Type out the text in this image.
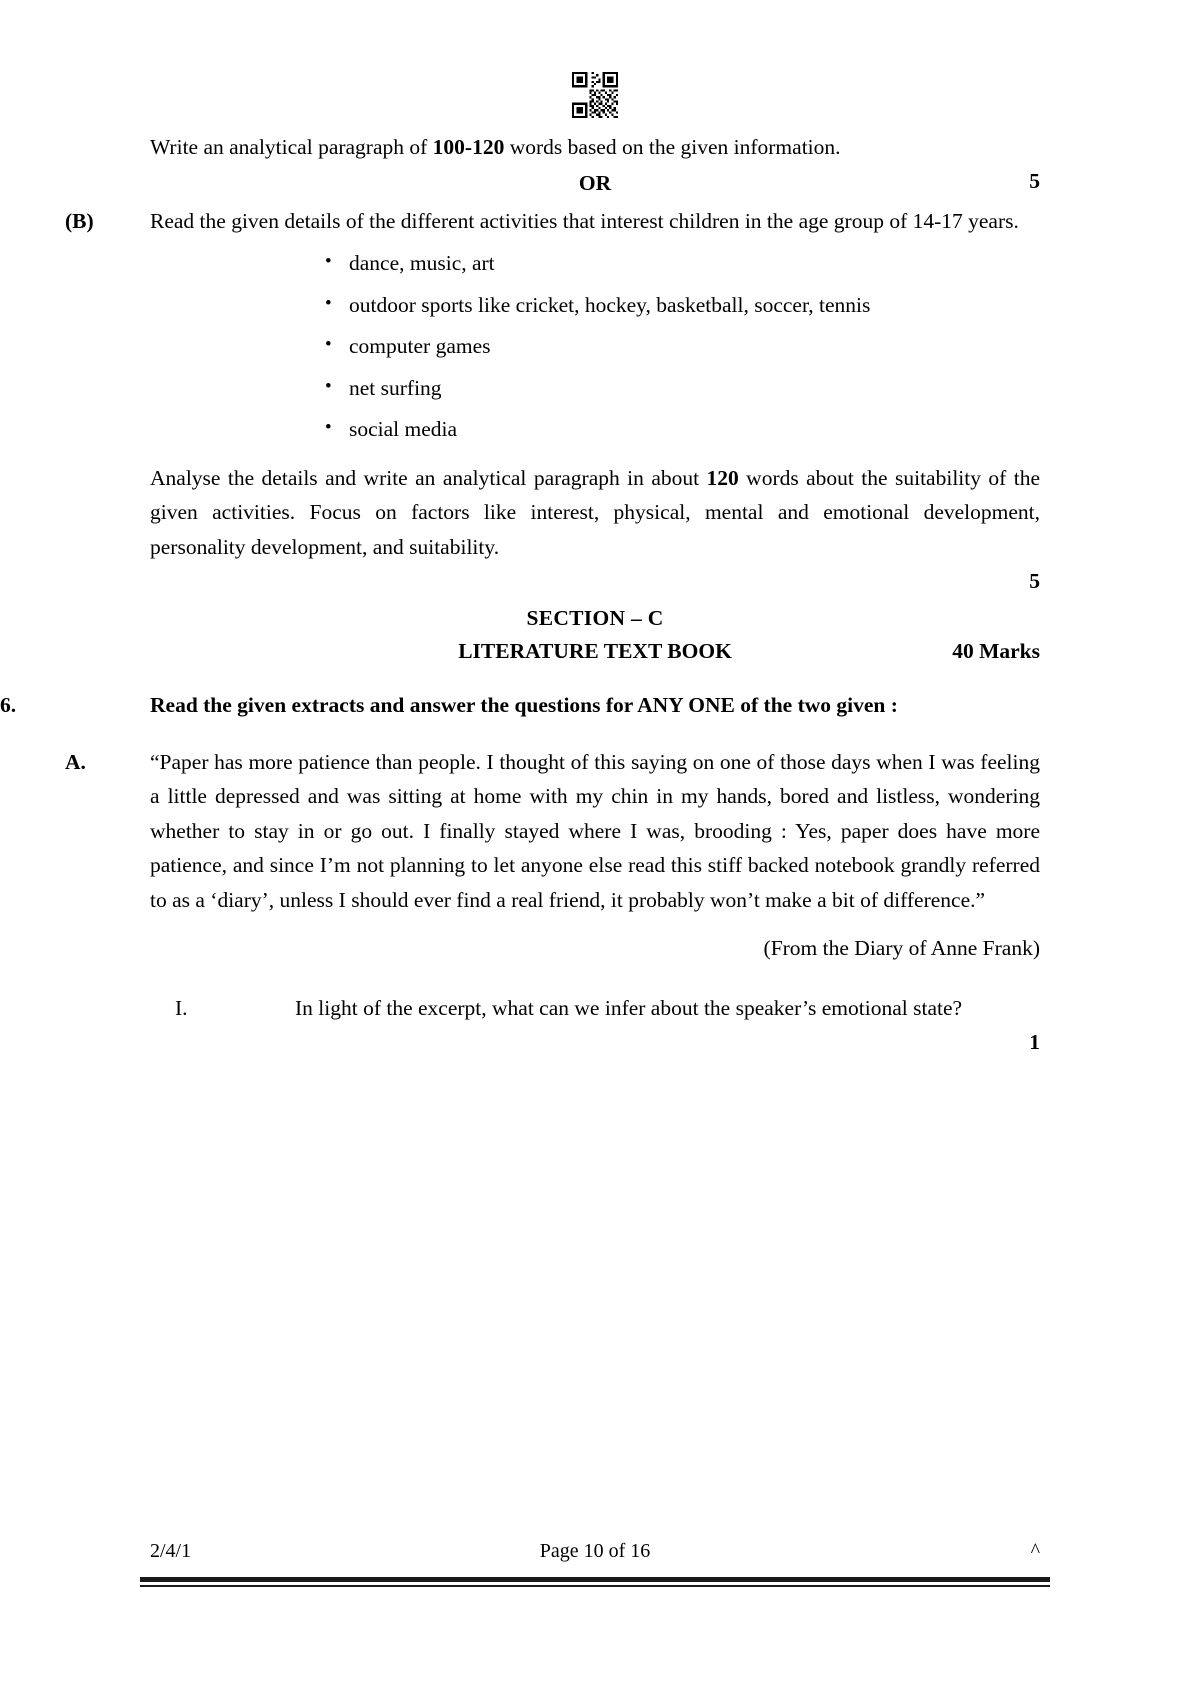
Write an analytical paragraph of 100-120 words based on the given information.
5
OR
(B)	Read the given details of the different activities that interest children in the age group of 14-17 years.
• dance, music, art
• outdoor sports like cricket, hockey, basketball, soccer, tennis
• computer games
• net surfing
• social media
Analyse the details and write an analytical paragraph in about 120 words about the suitability of the given activities. Focus on factors like interest, physical, mental and emotional development, personality development, and suitability.
5
SECTION – C
LITERATURE TEXT BOOK	40 Marks
6.	Read the given extracts and answer the questions for ANY ONE of the two given :
A.	“Paper has more patience than people. I thought of this saying on one of those days when I was feeling a little depressed and was sitting at home with my chin in my hands, bored and listless, wondering whether to stay in or go out. I finally stayed where I was, brooding : Yes, paper does have more patience, and since I’m not planning to let anyone else read this stiff backed notebook grandly referred to as a ‘diary’, unless I should ever find a real friend, it probably won’t make a bit of difference.”
(From the Diary of Anne Frank)
I.	In light of the excerpt, what can we infer about the speaker’s emotional state?
1
2/4/1	Page 10 of 16	^
